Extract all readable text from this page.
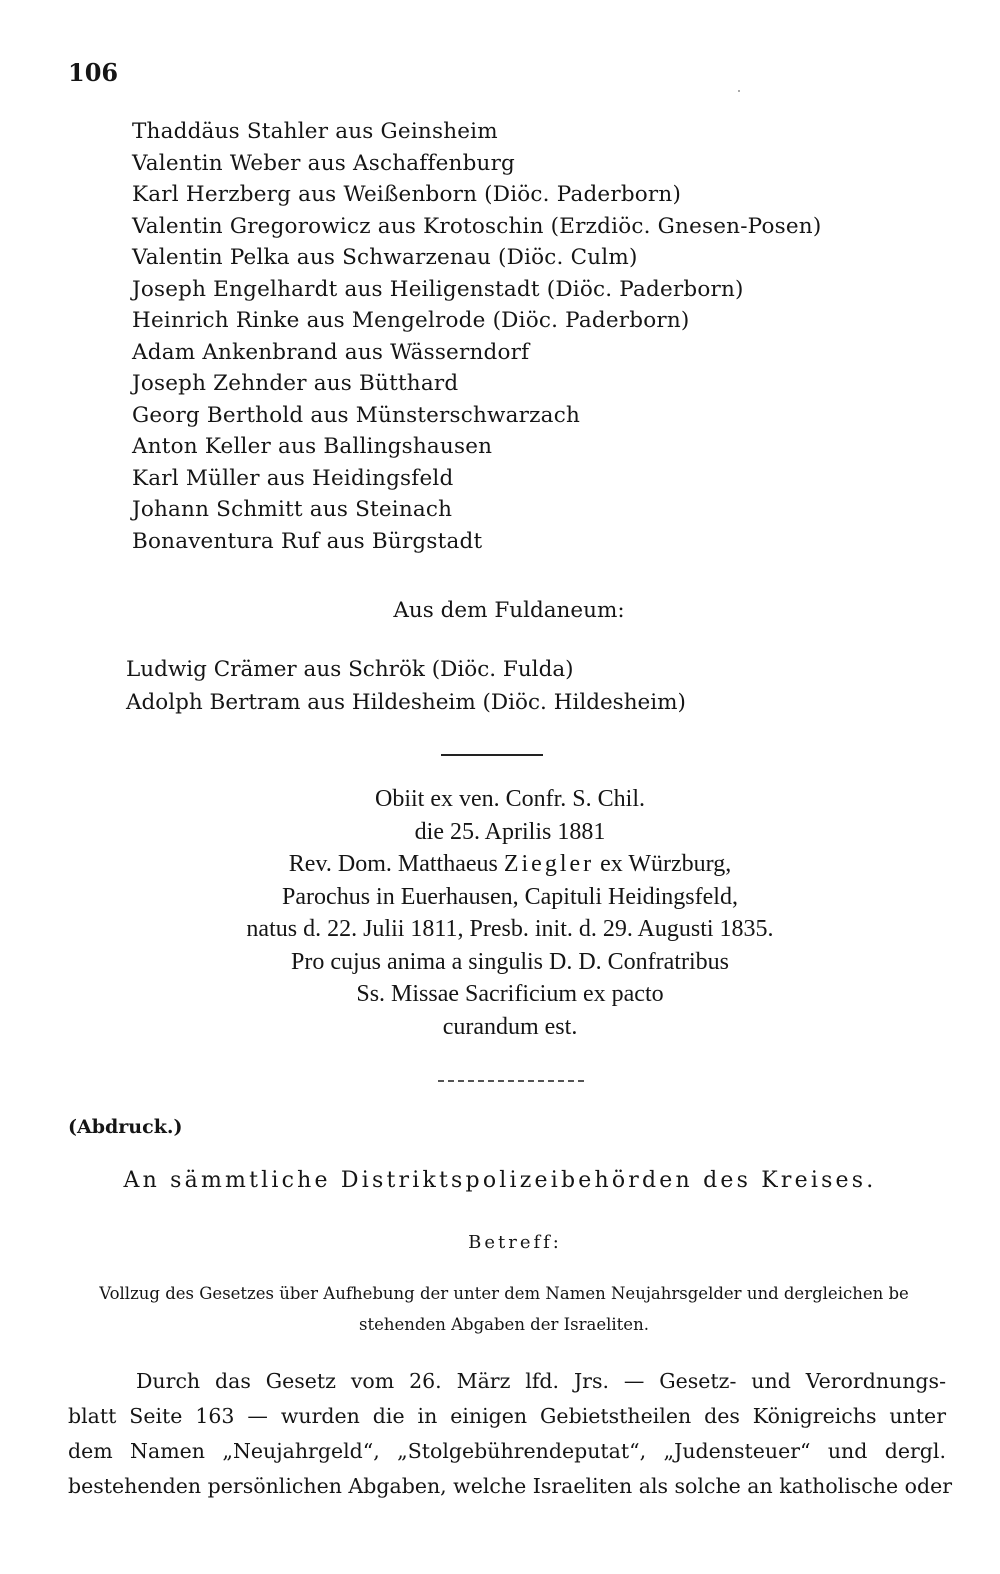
106
Thaddäus Stahler aus Geinsheim
Valentin Weber aus Aschaffenburg
Karl Herzberg aus Weißenborn (Diöc. Paderborn)
Valentin Gregorowicz aus Krotoschin (Erzdiöc. Gnesen-Posen)
Valentin Pelka aus Schwarzenau (Diöc. Culm)
Joseph Engelhardt aus Heiligenstadt (Diöc. Paderborn)
Heinrich Rinke aus Mengelrode (Diöc. Paderborn)
Adam Ankenbrand aus Wässerndorf
Joseph Zehnder aus Bütthard
Georg Berthold aus Münsterschwarzach
Anton Keller aus Ballingshausen
Karl Müller aus Heidingsfeld
Johann Schmitt aus Steinach
Bonaventura Ruf aus Bürgstadt
Aus dem Fuldaneum:
Ludwig Crämer aus Schrök (Diöc. Fulda)
Adolph Bertram aus Hildesheim (Diöc. Hildesheim)
Obiit ex ven. Confr. S. Chil.
die 25. Aprilis 1881
Rev. Dom. Matthaeus Ziegler ex Würzburg,
Parochus in Euerhausen, Capituli Heidingsfeld,
natus d. 22. Julii 1811, Presb. init. d. 29. Augusti 1835.
Pro cujus anima a singulis D. D. Confratribus
Ss. Missae Sacrificium ex pacto
curandum est.
(Abdruck.)
An sämmtliche Distriktspolizeibehörden des Kreises.
Betreff:
Vollzug des Gesetzes über Aufhebung der unter dem Namen Neujahrsgelder und dergleichen be
stehenden Abgaben der Israeliten.
Durch das Gesetz vom 26. März lfd. Jrs. — Gesetz- und Verordnungs-
blatt Seite 163 — wurden die in einigen Gebietstheilen des Königreichs unter
dem Namen „Neujahrgeld“, „Stolgebührendeputat“, „Judensteuer“ und dergl.
bestehenden persönlichen Abgaben, welche Israeliten als solche an katholische oder
